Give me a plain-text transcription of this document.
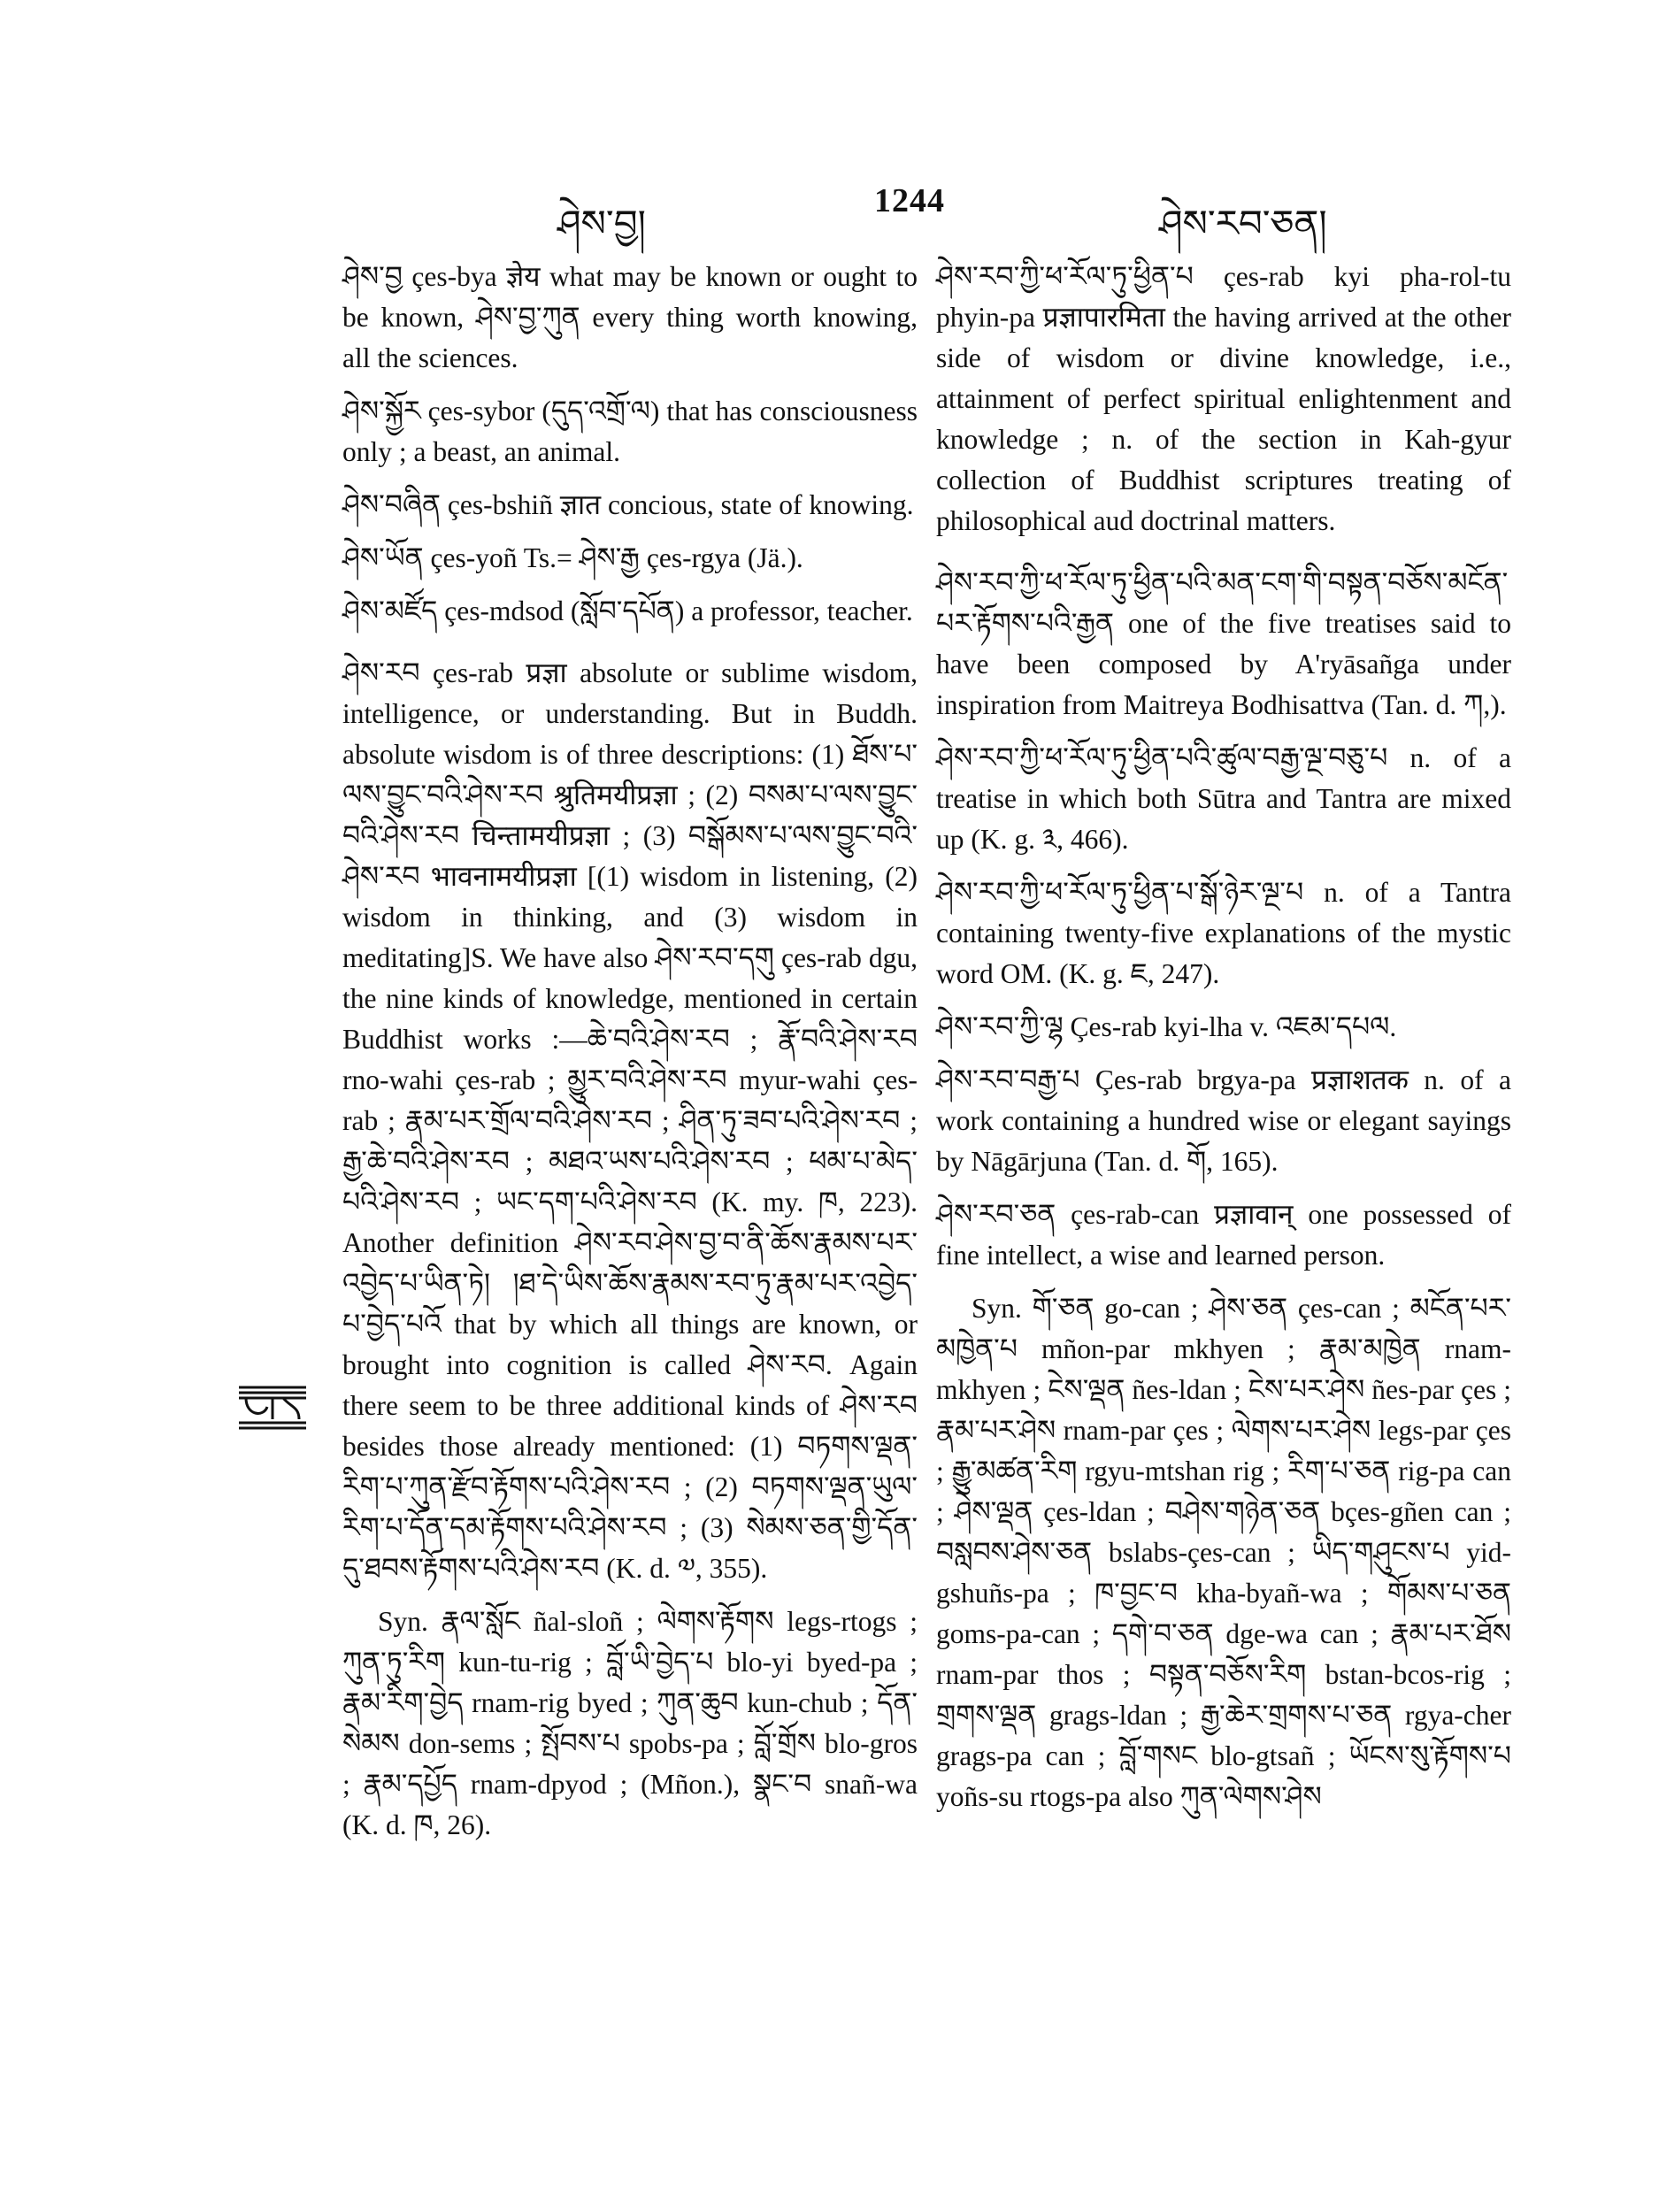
ཤེས་བྱ།
1244
ཤེས་རབ་ཅན།

ཤེས་བྱ çes-bya ज्ञेय what may be known or ought to be known, ཤེས་བྱ་ཀུན every thing worth knowing, all the sciences.

ཤེས་སྐྱོར çes-sybor (དུད་འགྲོ་ལ) that has consciousness only ; a beast, an animal.

ཤེས་བཞིན çes-bshiñ ज्ञात concious, state of knowing.

ཤེས་ཡོན çes-yoñ Ts.= ཤེས་རྒྱ çes-rgya (Jä.).

ཤེས་མཛོད çes-mdsod (སློབ་དཔོན) a professor, teacher.

ཤེས་རབ çes-rab प्रज्ञा absolute or sublime wisdom, intelligence, or understanding. But in Buddh. absolute wisdom is of three descriptions: (1) ཐོས་པ་ལས་བྱུང་བའི་ཤེས་རབ श्रुतिमयीप्रज्ञा ; (2) བསམ་པ་ལས་བྱུང་བའི་ཤེས་རབ चिन्तामयीप्रज्ञा ; (3) བསྒོམས་པ་ལས་བྱུང་བའི་ཤེས་རབ भावनामयीप्रज्ञा [(1) wisdom in listening, (2) wisdom in thinking, and (3) wisdom in meditating]S. We have also ཤེས་རབ་དགུ çes-rab dgu, the nine kinds of knowledge, mentioned in certain Buddhist works :—ཆེ་བའི་ཤེས་རབ ; རྣོ་བའི་ཤེས་རབ rno-wahi çes-rab ; མྱུར་བའི་ཤེས་རབ myur-wahi çes-rab ; རྣམ་པར་གྲོལ་བའི་ཤེས་རབ ; ཤིན་ཏུ་ཟབ་པའི་ཤེས་རབ ; རྒྱ་ཆེ་བའི་ཤེས་རབ ; མཐའ་ཡས་པའི་ཤེས་རབ ; ཕམ་པ་མེད་པའི་ཤེས་རབ ; ཡང་དག་པའི་ཤེས་རབ (K. my. ཁ, 223). Another definition ཤེས་རབ་ཤེས་བྱ་བ་ནི་ཆོས་རྣམས་པར་འབྱེད་པ་ཡིན་ཏེ། །ཐ་དེ་ཡིས་ཆོས་རྣམས་རབ་ཏུ་རྣམ་པར་འབྱེད་པ་བྱེད་པའོ that by which all things are known, or brought into cognition is called ཤེས་རབ. Again there seem to be three additional kinds of ཤེས་རབ besides those already mentioned: (1) བཏགས་ལྡན་རིག་པ་ཀུན་རྫོབ་རྟོགས་པའི་ཤེས་རབ ; (2) བཏགས་ལྡན་ཡུལ་རིག་པ་དོན་དམ་རྟོགས་པའི་ཤེས་རབ ; (3) སེམས་ཅན་གྱི་དོན་དུ་ཐབས་རྟོགས་པའི་ཤེས་རབ (K. d. ༧, 355).

Syn. རྣལ་སློང ñal-sloñ ; ལེགས་རྟོགས legs-rtogs ; ཀུན་ཏུ་རིག kun-tu-rig ; བློ་ཡི་བྱེད་པ blo-yi byed-pa ; རྣམ་རིག་བྱེད rnam-rig byed ; ཀུན་ཆུབ kun-chub ; དོན་སེམས don-sems ; སྤོབས་པ spobs-pa ; བློ་གྲོས blo-gros ; རྣམ་དཔྱོད rnam-dpyod ; (Mñon.), སྣང་བ snañ-wa (K. d. ཁ, 26).

ཤེས་རབ་ཀྱི་ཕ་རོལ་ཏུ་ཕྱིན་པ çes-rab kyi pha-rol-tu phyin-pa प्रज्ञापारमिता the having arrived at the other side of wisdom or divine knowledge, i.e., attainment of perfect spiritual enlightenment and knowledge ; n. of the section in Kah-gyur collection of Buddhist scriptures treating of philosophical aud doctrinal matters.

ཤེས་རབ་ཀྱི་ཕ་རོལ་ཏུ་ཕྱིན་པའི་མན་ངག་གི་བསྟན་བཅོས་མངོན་པར་རྟོགས་པའི་རྒྱན one of the five treatises said to have been composed by A'ryāsañga under inspiration from Maitreya Bodhisattva (Tan. d. ཀ,).

ཤེས་རབ་ཀྱི་ཕ་རོལ་ཏུ་ཕྱིན་པའི་ཚུལ་བརྒྱ་ལྔ་བཅུ་པ n. of a treatise in which both Sūtra and Tantra are mixed up (K. g. ༣, 466).

ཤེས་རབ་ཀྱི་ཕ་རོལ་ཏུ་ཕྱིན་པ་སྒོ་ཉེར་ལྔ་པ n. of a Tantra containing twenty-five explanations of the mystic word OM. (K. g. ཇ, 247).

ཤེས་རབ་ཀྱི་ལྷ Çes-rab kyi-lha v. འཇམ་དཔལ.

ཤེས་རབ་བརྒྱ་པ Çes-rab brgya-pa प्रज्ञाशतक n. of a work containing a hundred wise or elegant sayings by Nāgārjuna (Tan. d. གོ, 165).

ཤེས་རབ་ཅན çes-rab-can प्रज्ञावान् one possessed of fine intellect, a wise and learned person.

Syn. གོ་ཅན go-can ; ཤེས་ཅན çes-can ; མངོན་པར་མཁྱེན་པ mñon-par mkhyen ; རྣམ་མཁྱེན rnam-mkhyen ; ངེས་ལྡན ñes-ldan ; ངེས་པར་ཤེས ñes-par çes ; རྣམ་པར་ཤེས rnam-par çes ; ལེགས་པར་ཤེས legs-par çes ; རྒྱུ་མཚན་རིག rgyu-mtshan rig ; རིག་པ་ཅན rig-pa can ; ཤེས་ལྡན çes-ldan ; བཤེས་གཉེན་ཅན bçes-gñen can ; བསླབས་ཤེས་ཅན bslabs-çes-can ; ཡིད་གཤུངས་པ yid-gshuñs-pa ; ཁ་བྱང་བ kha-byañ-wa ; གོམས་པ་ཅན goms-pa-can ; དགེ་བ་ཅན dge-wa can ; རྣམ་པར་ཐོས rnam-par thos ; བསྟན་བཅོས་རིག bstan-bcos-rig ; གྲགས་ལྡན grags-ldan ; རྒྱ་ཆེར་གྲགས་པ་ཅན rgya-cher grags-pa can ; བློ་གསང blo-gtsañ ; ཡོངས་སུ་རྟོགས་པ yoñs-su rtogs-pa also ཀུན་ལེགས་ཤེས
